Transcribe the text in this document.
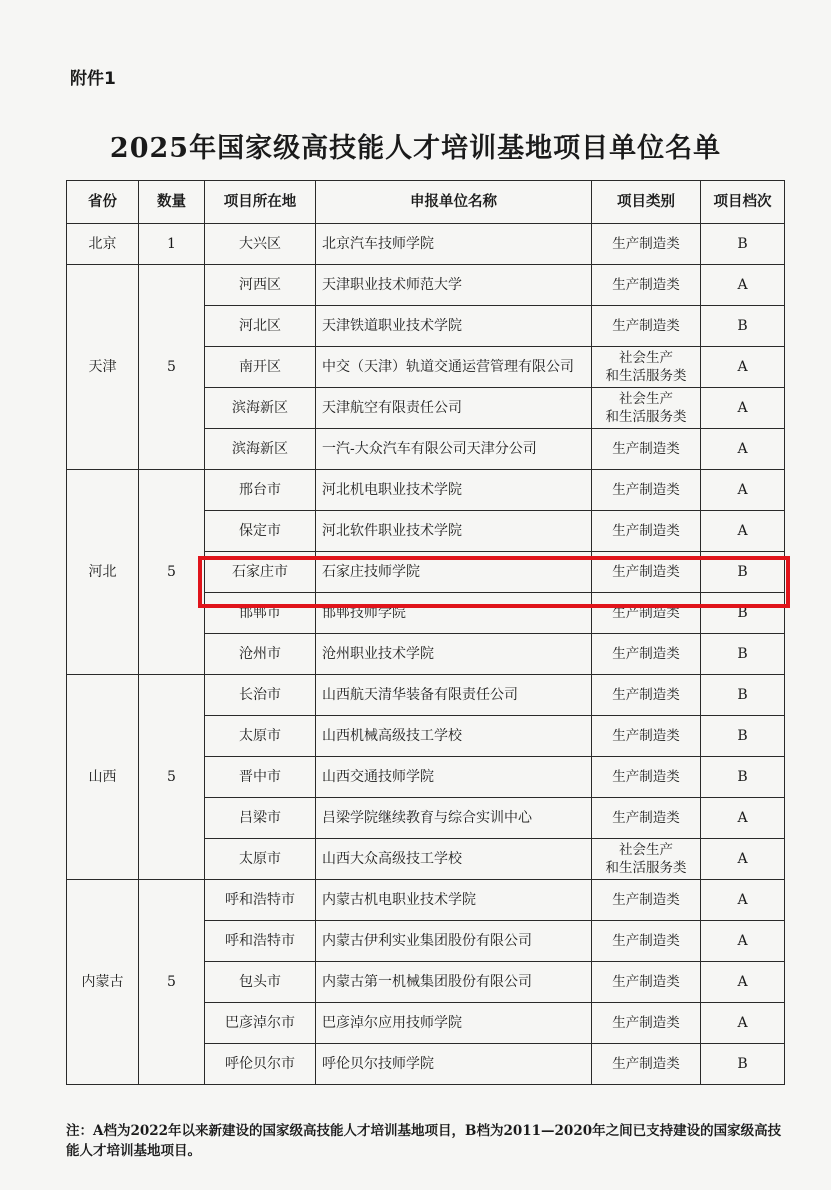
附件1
2025年国家级高技能人才培训基地项目单位名单
省份	数量	项目所在地	申报单位名称	项目类别	项目档次
北京	1	大兴区	北京汽车技师学院	生产制造类	B
天津	5	河西区	天津职业技术师范大学	生产制造类	A
		河北区	天津铁道职业技术学院	生产制造类	B
		南开区	中交（天津）轨道交通运营管理有限公司	社会生产
和生活服务类	A
		滨海新区	天津航空有限责任公司	社会生产
和生活服务类	A
		滨海新区	一汽-大众汽车有限公司天津分公司	生产制造类	A
河北	5	邢台市	河北机电职业技术学院	生产制造类	A
		保定市	河北软件职业技术学院	生产制造类	A
		石家庄市	石家庄技师学院	生产制造类	B
		邯郸市	邯郸技师学院	生产制造类	B
		沧州市	沧州职业技术学院	生产制造类	B
山西	5	长治市	山西航天清华装备有限责任公司	生产制造类	B
		太原市	山西机械高级技工学校	生产制造类	B
		晋中市	山西交通技师学院	生产制造类	B
		吕梁市	吕梁学院继续教育与综合实训中心	生产制造类	A
		太原市	山西大众高级技工学校	社会生产
和生活服务类	A
内蒙古	5	呼和浩特市	内蒙古机电职业技术学院	生产制造类	A
		呼和浩特市	内蒙古伊利实业集团股份有限公司	生产制造类	A
		包头市	内蒙古第一机械集团股份有限公司	生产制造类	A
		巴彦淖尔市	巴彦淖尔应用技师学院	生产制造类	A
		呼伦贝尔市	呼伦贝尔技师学院	生产制造类	B
注：A档为2022年以来新建设的国家级高技能人才培训基地项目，B档为2011—2020年之间已支持建设的国家级高技能人才培训基地项目。
